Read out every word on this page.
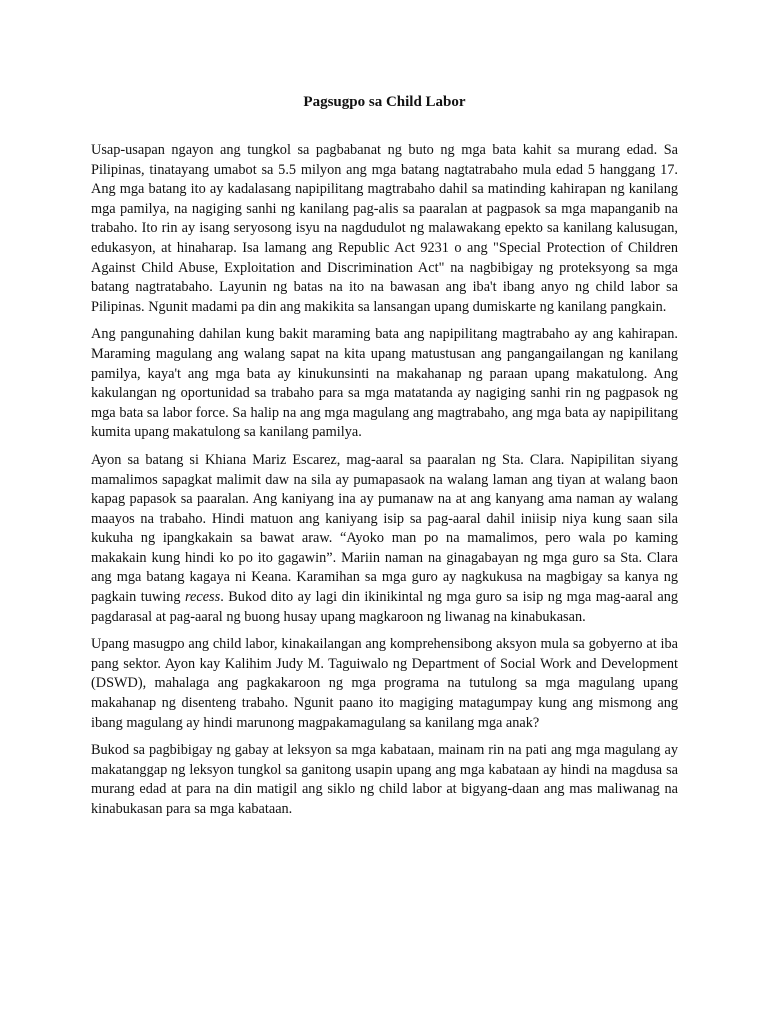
Pagsugpo sa Child Labor

Usap-usapan ngayon ang tungkol sa pagbabanat ng buto ng mga bata kahit sa murang edad. Sa Pilipinas, tinatayang umabot sa 5.5 milyon ang mga batang nagtatrabaho mula edad 5 hanggang 17. Ang mga batang ito ay kadalasang napipilitang magtrabaho dahil sa matinding kahirapan ng kanilang mga pamilya, na nagiging sanhi ng kanilang pag-alis sa paaralan at pagpasok sa mga mapanganib na trabaho. Ito rin ay isang seryosong isyu na nagdudulot ng malawakang epekto sa kanilang kalusugan, edukasyon, at hinaharap. Isa lamang ang Republic Act 9231 o ang "Special Protection of Children Against Child Abuse, Exploitation and Discrimination Act" na nagbibigay ng proteksyong sa mga batang nagtratabaho. Layunin ng batas na ito na bawasan ang iba't ibang anyo ng child labor sa Pilipinas. Ngunit madami pa din ang makikita sa lansangan upang dumiskarte ng kanilang pangkain.

Ang pangunahing dahilan kung bakit maraming bata ang napipilitang magtrabaho ay ang kahirapan. Maraming magulang ang walang sapat na kita upang matustusan ang pangangailangan ng kanilang pamilya, kaya't ang mga bata ay kinukunsinti na makahanap ng paraan upang makatulong. Ang kakulangan ng oportunidad sa trabaho para sa mga matatanda ay nagiging sanhi rin ng pagpasok ng mga bata sa labor force. Sa halip na ang mga magulang ang magtrabaho, ang mga bata ay napipilitang kumita upang makatulong sa kanilang pamilya.

Ayon sa batang si Khiana Mariz Escarez, mag-aaral sa paaralan ng Sta. Clara. Napipilitan siyang mamalimos sapagkat malimit daw na sila ay pumapasaok na walang laman ang tiyan at walang baon kapag papasok sa paaralan. Ang kaniyang ina ay pumanaw na at ang kanyang ama naman ay walang maayos na trabaho. Hindi matuon ang kaniyang isip sa pag-aaral dahil iniisip niya kung saan sila kukuha ng ipangkakain sa bawat araw. “Ayoko man po na mamalimos, pero wala po kaming makakain kung hindi ko po ito gagawin”. Mariin naman na ginagabayan ng mga guro sa Sta. Clara ang mga batang kagaya ni Keana. Karamihan sa mga guro ay nagkukusa na magbigay sa kanya ng pagkain tuwing recess. Bukod dito ay lagi din ikinikintal ng mga guro sa isip ng mga mag-aaral ang pagdarasal at pag-aaral ng buong husay upang magkaroon ng liwanag na kinabukasan.

Upang masugpo ang child labor, kinakailangan ang komprehensibong aksyon mula sa gobyerno at iba pang sektor. Ayon kay Kalihim Judy M. Taguiwalo ng Department of Social Work and Development (DSWD), mahalaga ang pagkakaroon ng mga programa na tutulong sa mga magulang upang makahanap ng disenteng trabaho. Ngunit paano ito magiging matagumpay kung ang mismong ang ibang magulang ay hindi marunong magpakamagulang sa kanilang mga anak?

Bukod sa pagbibigay ng gabay at leksyon sa mga kabataan, mainam rin na pati ang mga magulang ay makatanggap ng leksyon tungkol sa ganitong usapin upang ang mga kabataan ay hindi na magdusa sa murang edad at para na din matigil ang siklo ng child labor at bigyang-daan ang mas maliwanag na kinabukasan para sa mga kabataan.
